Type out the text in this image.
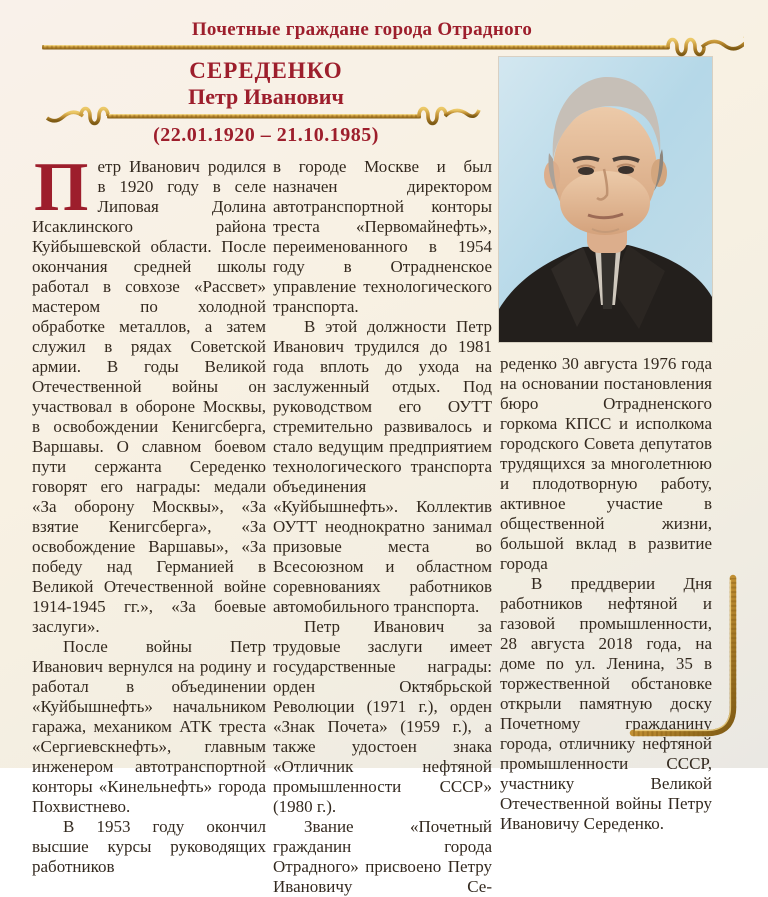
Почетные граждане города Отрадного
СЕРЕДЕНКО
Петр Иванович
(22.01.1920 – 21.10.1985)

Петр Иванович родился в 1920 году в селе Липовая Долина Исаклинского района Куйбышевской области. После окончания средней школы работал в совхозе «Рассвет» мастером по холодной обработке металлов, а затем служил в рядах Советской армии. В годы Великой Отечественной войны он участвовал в обороне Москвы, в освобождении Кенигсберга, Варшавы. О славном боевом пути сержанта Середенко говорят его награды: медали «За оборону Москвы», «За взятие Кенигсберга», «За освобождение Варшавы», «За победу над Германией в Великой Отечественной войне 1914-1945 гг.», «За боевые заслуги».

После войны Петр Иванович вернулся на родину и работал в объединении «Куйбышнефть» начальником гаража, механиком АТК треста «Сергиевскнефть», главным инженером автотранспортной конторы «Кинельнефть» города Похвистнево.

В 1953 году окончил высшие курсы руководящих работников

в городе Москве и был назначен директором автотранспортной конторы треста «Первомайнефть», переименованного в 1954 году в Отрадненское управление технологического транспорта.

В этой должности Петр Иванович трудился до 1981 года вплоть до ухода на заслуженный отдых. Под руководством его ОУТТ стремительно развивалось и стало ведущим предприятием технологического транспорта объединения «Куйбышнефть». Коллектив ОУТТ неоднократно занимал призовые места во Всесоюзном и областном соревнованиях работников автомобильного транспорта.

Петр Иванович за трудовые заслуги имеет государственные награды: орден Октябрьской Революции (1971 г.), орден «Знак Почета» (1959 г.), а также удостоен знака «Отличник нефтяной промышленности СССР» (1980 г.).

Звание «Почетный гражданин города Отрадного» присвоено Петру Ивановичу Се-

реденко 30 августа 1976 года на основании постановления бюро Отрадненского горкома КПСС и исполкома городского Совета депутатов трудящихся за многолетнюю и плодотворную работу, активное участие в общественной жизни, большой вклад в развитие города

В преддверии Дня работников нефтяной и газовой промышленности, 28 августа 2018 года, на доме по ул. Ленина, 35 в торжественной обстановке открыли памятную доску Почетному гражданину города, отличнику нефтяной промышленности СССР, участнику Великой Отечественной войны Петру Ивановичу Середенко.
